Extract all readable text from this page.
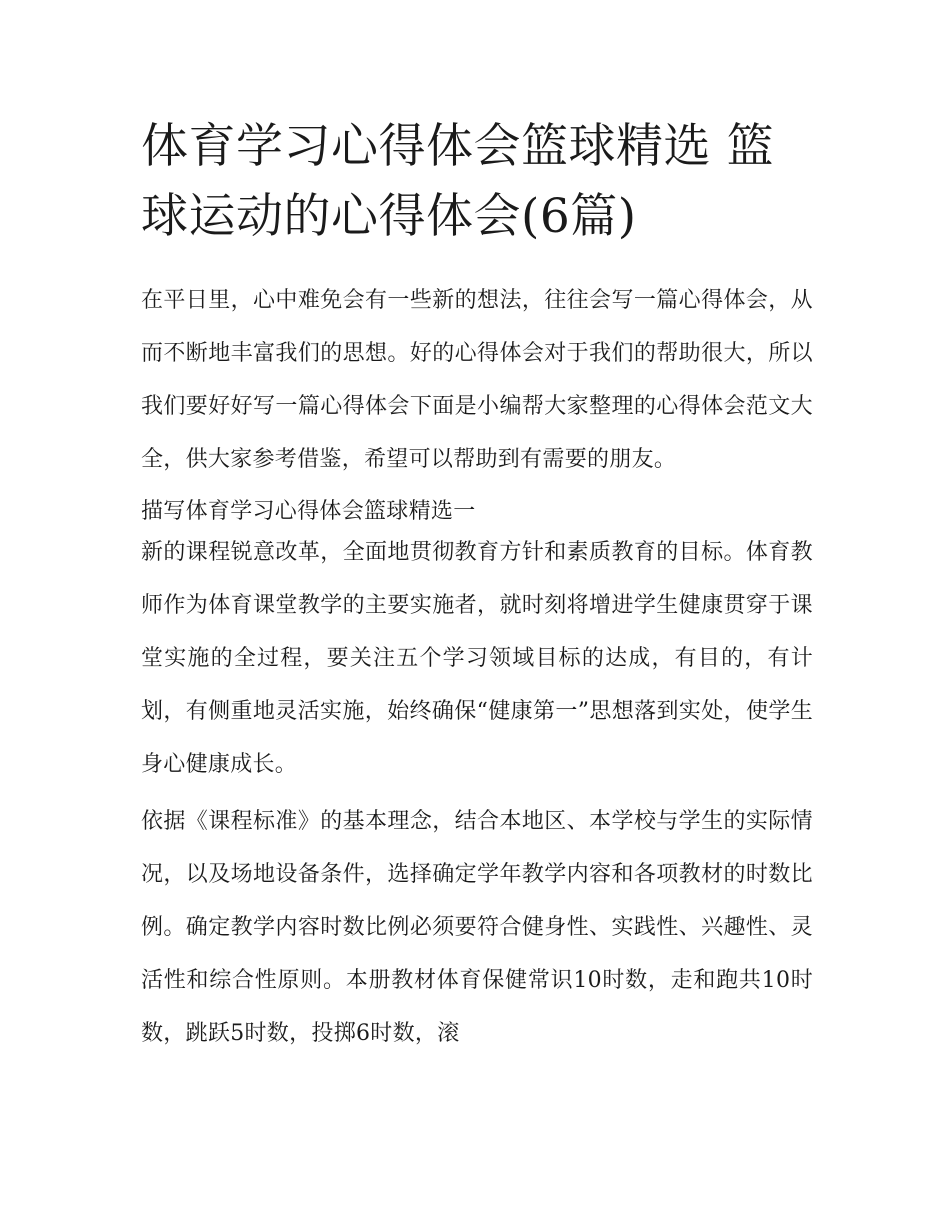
体育学习心得体会篮球精选 篮球运动的心得体会(6篇)

在平日里，心中难免会有一些新的想法，往往会写一篇心得体会，从而不断地丰富我们的思想。好的心得体会对于我们的帮助很大，所以我们要好好写一篇心得体会下面是小编帮大家整理的心得体会范文大全，供大家参考借鉴，希望可以帮助到有需要的朋友。

描写体育学习心得体会篮球精选一

新的课程锐意改革，全面地贯彻教育方针和素质教育的目标。体育教师作为体育课堂教学的主要实施者，就时刻将增进学生健康贯穿于课堂实施的全过程，要关注五个学习领域目标的达成，有目的，有计划，有侧重地灵活实施，始终确保“健康第一”思想落到实处，使学生身心健康成长。

依据《课程标准》的基本理念，结合本地区、本学校与学生的实际情况，以及场地设备条件，选择确定学年教学内容和各项教材的时数比例。确定教学内容时数比例必须要符合健身性、实践性、兴趣性、灵活性和综合性原则。本册教材体育保健常识10时数，走和跑共10时数，跳跃5时数，投掷6时数，滚
